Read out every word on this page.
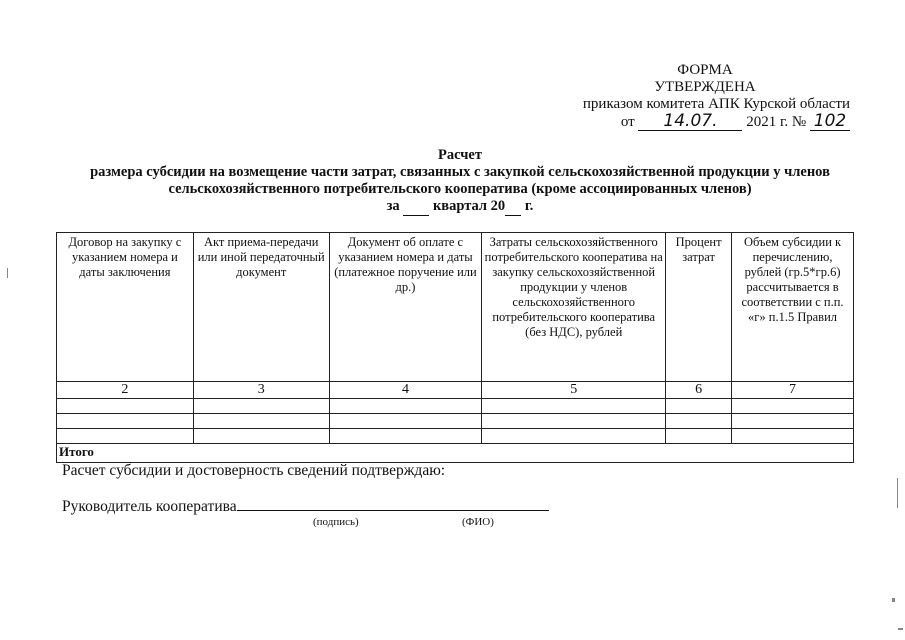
ФОРМА
УТВЕРЖДЕНА
приказом комитета АПК Курской области
от 14.07. 2021 г. № 102
Расчет
размера субсидии на возмещение части затрат, связанных с закупкой сельскохозяйственной продукции у членов
сельскохозяйственного потребительского кооператива (кроме ассоциированных членов)
за квартал 20 г.
Договор на закупку с указанием номера и даты заключения	Акт приема-передачи или иной передаточный документ	Документ об оплате с указанием номера и даты (платежное поручение или др.)	Затраты сельскохозяйственного потребительского кооператива на закупку сельскохозяйственной продукции у членов сельскохозяйственного потребительского кооператива (без НДС), рублей	Процент затрат	Объем субсидии к перечислению, рублей (гр.5*гр.6) рассчитывается в соответствии с п.п. «г» п.1.5 Правил
2	3	4	5	6	7

Итого					
Расчет субсидии и достоверность сведений подтверждаю:
Руководитель кооператива
(подпись)	(ФИО)
